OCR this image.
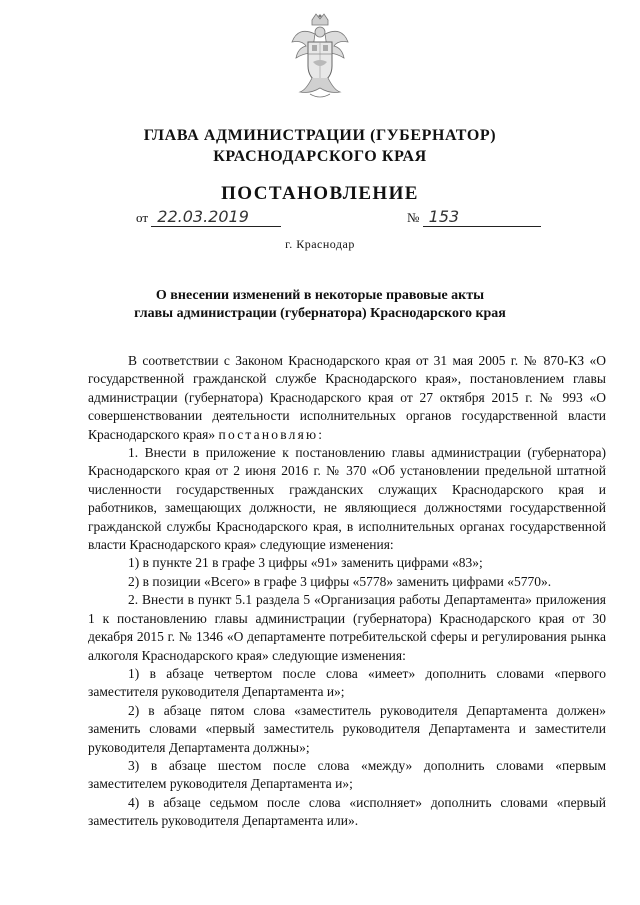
ГЛАВА АДМИНИСТРАЦИИ (ГУБЕРНАТОР)
КРАСНОДАРСКОГО КРАЯ
ПОСТАНОВЛЕНИЕ
от 22.03.2019	№ 153
г. Краснодар
О внесении изменений в некоторые правовые акты
главы администрации (губернатора) Краснодарского края

В соответствии с Законом Краснодарского края от 31 мая 2005 г. № 870-КЗ «О государственной гражданской службе Краснодарского края», постановлением главы администрации (губернатора) Краснодарского края от 27 октября 2015 г. № 993 «О совершенствовании деятельности исполнительных органов государственной власти Краснодарского края» постановляю:

1. Внести в приложение к постановлению главы администрации (губернатора) Краснодарского края от 2 июня 2016 г. № 370 «Об установлении предельной штатной численности государственных гражданских служащих Краснодарского края и работников, замещающих должности, не являющиеся должностями государственной гражданской службы Краснодарского края, в исполнительных органах государственной власти Краснодарского края» следующие изменения:

1) в пункте 21 в графе 3 цифры «91» заменить цифрами «83»;

2) в позиции «Всего» в графе 3 цифры «5778» заменить цифрами «5770».

2. Внести в пункт 5.1 раздела 5 «Организация работы Департамента» приложения 1 к постановлению главы администрации (губернатора) Краснодарского края от 30 декабря 2015 г. № 1346 «О департаменте потребительской сферы и регулирования рынка алкоголя Краснодарского края» следующие изменения:

1) в абзаце четвертом после слова «имеет» дополнить словами «первого заместителя руководителя Департамента и»;

2) в абзаце пятом слова «заместитель руководителя Департамента должен» заменить словами «первый заместитель руководителя Департамента и заместители руководителя Департамента должны»;

3) в абзаце шестом после слова «между» дополнить словами «первым заместителем руководителя Департамента и»;

4) в абзаце седьмом после слова «исполняет» дополнить словами «первый заместитель руководителя Департамента или».
